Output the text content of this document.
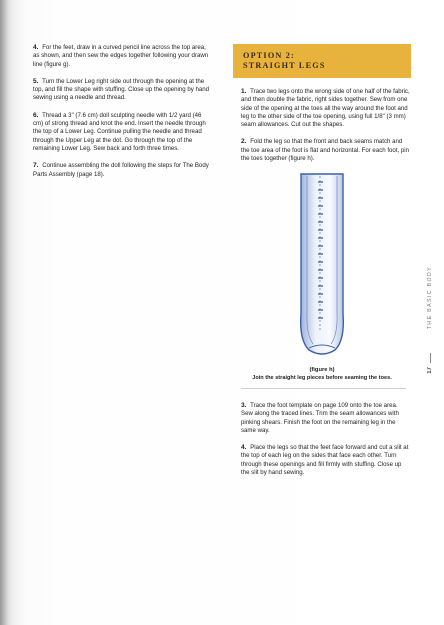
4. For the feet, draw in a curved pencil line across the top area, as shown, and then sew the edges together following your drawn line (figure g).

5. Turn the Lower Leg right side out through the opening at the top, and fill the shape with stuffing. Close up the opening by hand sewing using a needle and thread.

6. Thread a 3" (7.6 cm) doll sculpting needle with 1/2 yard (46 cm) of strong thread and knot the end. Insert the needle through the top of a Lower Leg. Continue pulling the needle and thread through the Upper Leg at the dot. Go through the top of the remaining Lower Leg. Sew back and forth three times.

7. Continue assembling the doll following the steps for The Body Parts Assembly (page 18).

OPTION 2:
STRAIGHT LEGS

1. Trace two legs onto the wrong side of one half of the fabric, and then double the fabric, right sides together. Sew from one side of the opening at the toes all the way around the foot and leg to the other side of the toe opening, using full 1/8" (3 mm) seam allowances. Cut out the shapes.

2. Fold the leg so that the front and back seams match and the toe area of the foot is flat and horizontal. For each foot, pin the toes together (figure h).

(figure h)
Join the straight leg pieces before seaming the toes.

3. Trace the foot template on page 109 onto the toe area. Sew along the traced lines. Trim the seam allowances with pinking shears. Finish the foot on the remaining leg in the same way.

4. Place the legs so that the feet face forward and cut a slit at the top of each leg on the sides that face each other. Turn through these openings and fill firmly with stuffing. Close up the slit by hand sewing.

THE BASIC BODY
17
